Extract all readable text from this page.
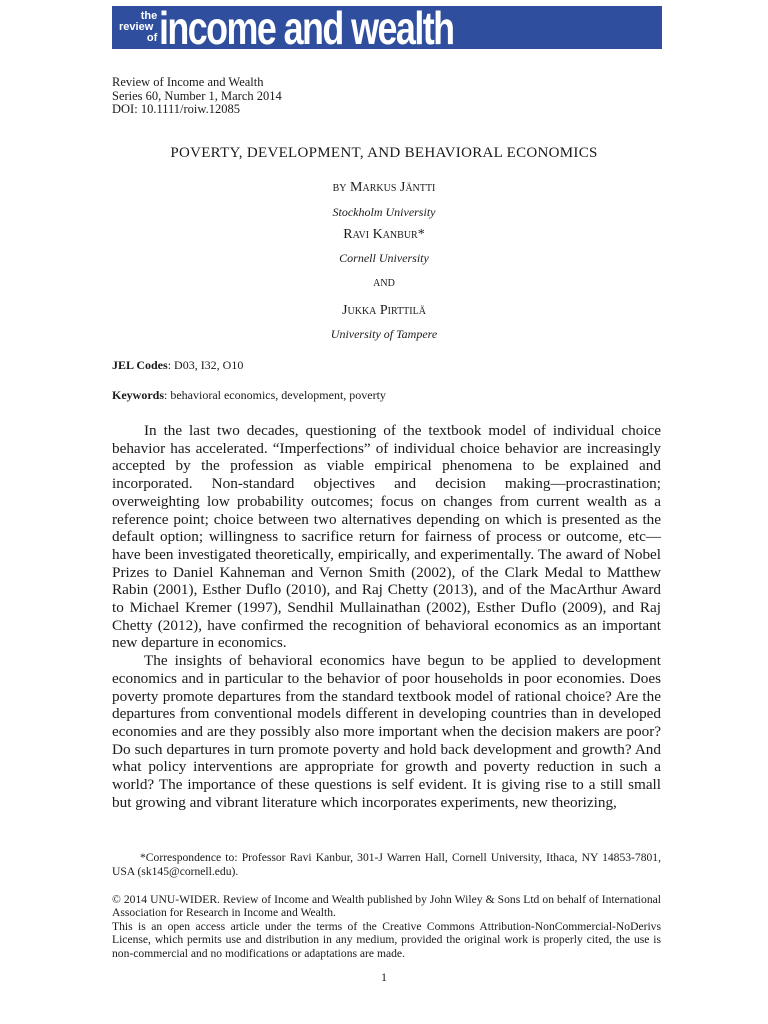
the
review
of income and wealth
Review of Income and Wealth
Series 60, Number 1, March 2014
DOI: 10.1111/roiw.12085
POVERTY, DEVELOPMENT, AND BEHAVIORAL ECONOMICS
by Markus Jäntti
Stockholm University
Ravi Kanbur*
Cornell University
and
Jukka Pirttilä
University of Tampere
JEL Codes: D03, I32, O10
Keywords: behavioral economics, development, poverty

In the last two decades, questioning of the textbook model of individual choice behavior has accelerated. “Imperfections” of individual choice behavior are increasingly accepted by the profession as viable empirical phenomena to be explained and incorporated. Non-standard objectives and decision making—procrastination; overweighting low probability outcomes; focus on changes from current wealth as a reference point; choice between two alternatives depending on which is presented as the default option; willingness to sacrifice return for fairness of process or outcome, etc—have been investigated theoretically, empirically, and experimentally. The award of Nobel Prizes to Daniel Kahneman and Vernon Smith (2002), of the Clark Medal to Matthew Rabin (2001), Esther Duflo (2010), and Raj Chetty (2013), and of the MacArthur Award to Michael Kremer (1997), Sendhil Mullainathan (2002), Esther Duflo (2009), and Raj Chetty (2012), have confirmed the recognition of behavioral economics as an important new departure in economics.

The insights of behavioral economics have begun to be applied to development economics and in particular to the behavior of poor households in poor economies. Does poverty promote departures from the standard textbook model of rational choice? Are the departures from conventional models different in developing countries than in developed economies and are they possibly also more important when the decision makers are poor? Do such departures in turn promote poverty and hold back development and growth? And what policy interventions are appropriate for growth and poverty reduction in such a world? The importance of these questions is self evident. It is giving rise to a still small but growing and vibrant literature which incorporates experiments, new theorizing,

*Correspondence to: Professor Ravi Kanbur, 301-J Warren Hall, Cornell University, Ithaca, NY 14853-7801, USA (sk145@cornell.edu).

© 2014 UNU-WIDER. Review of Income and Wealth published by John Wiley & Sons Ltd on behalf of International Association for Research in Income and Wealth.

This is an open access article under the terms of the Creative Commons Attribution-NonCommercial-NoDerivs License, which permits use and distribution in any medium, provided the original work is properly cited, the use is non-commercial and no modifications or adaptations are made.

1
